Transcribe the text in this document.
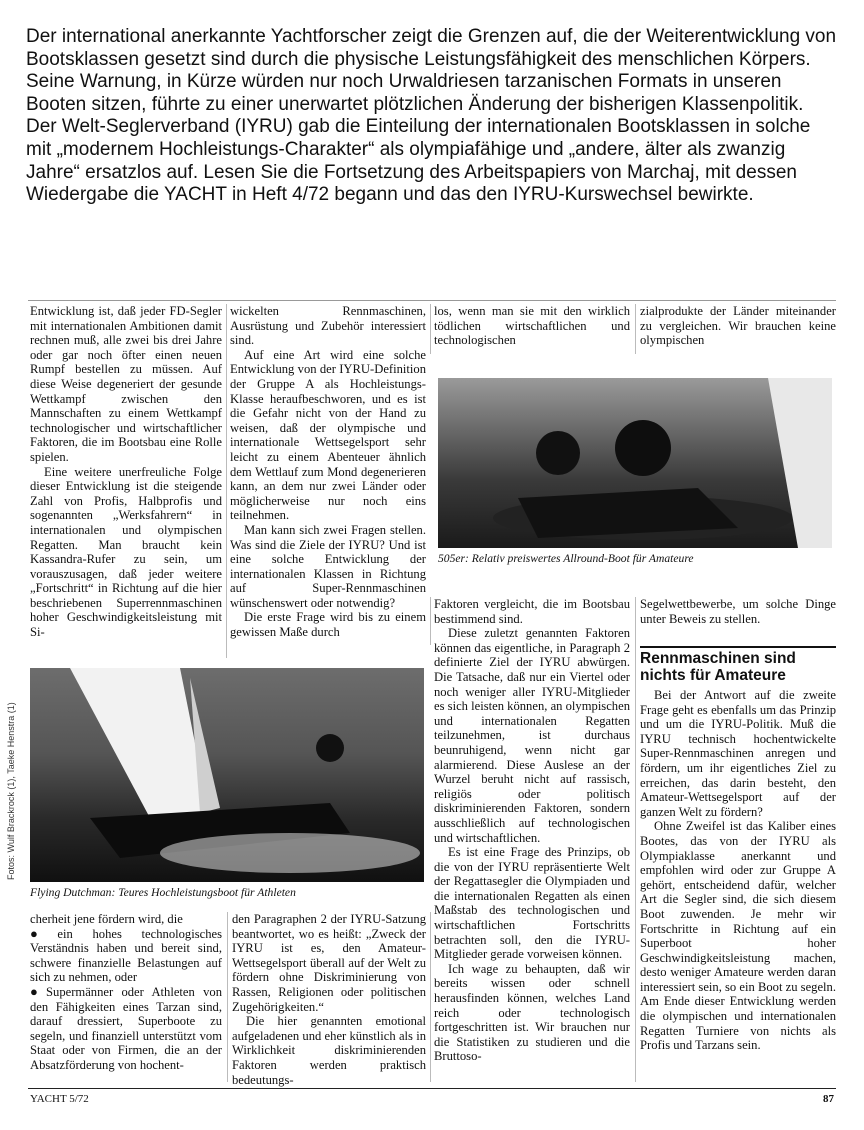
Der international anerkannte Yachtforscher zeigt die Grenzen auf, die der Weiterentwicklung von Bootsklassen gesetzt sind durch die physische Leistungsfähigkeit des menschlichen Körpers. Seine Warnung, in Kürze würden nur noch Urwaldriesen tarzanischen Formats in unseren Booten sitzen, führte zu einer unerwartet plötzlichen Änderung der bisherigen Klassenpolitik. Der Welt-Seglerverband (IYRU) gab die Einteilung der internationalen Bootsklassen in solche mit „modernem Hochleistungs-Charakter“ als olympiafähige und „andere, älter als zwanzig Jahre“ ersatzlos auf. Lesen Sie die Fortsetzung des Arbeitspapiers von Marchaj, mit dessen Wiedergabe die YACHT in Heft 4/72 begann und das den IYRU-Kurswechsel bewirkte.

Entwicklung ist, daß jeder FD-Segler mit internationalen Ambitionen damit rechnen muß, alle zwei bis drei Jahre oder gar noch öfter einen neuen Rumpf bestellen zu müssen. Auf diese Weise degeneriert der gesunde Wettkampf zwischen den Mannschaften zu einem Wettkampf technologischer und wirtschaftlicher Faktoren, die im Bootsbau eine Rolle spielen.

Eine weitere unerfreuliche Folge dieser Entwicklung ist die steigende Zahl von Profis, Halbprofis und sogenannten „Werksfahrern“ in internationalen und olympischen Regatten. Man braucht kein Kassandra-Rufer zu sein, um vorauszusagen, daß jeder weitere „Fortschritt“ in Richtung auf die hier beschriebenen Superrennmaschinen hoher Geschwindigkeitsleistung mit Si-

wickelten Rennmaschinen, Ausrüstung und Zubehör interessiert sind.

Auf eine Art wird eine solche Entwicklung von der IYRU-Definition der Gruppe A als Hochleistungs-Klasse heraufbeschworen, und es ist die Gefahr nicht von der Hand zu weisen, daß der olympische und internationale Wettsegelsport sehr leicht zu einem Abenteuer ähnlich dem Wettlauf zum Mond degenerieren kann, an dem nur zwei Länder oder möglicherweise nur noch eins teilnehmen.

Man kann sich zwei Fragen stellen. Was sind die Ziele der IYRU? Und ist eine solche Entwicklung der internationalen Klassen in Richtung auf Super-Rennmaschinen wünschenswert oder notwendig?

Die erste Frage wird bis zu einem gewissen Maße durch

los, wenn man sie mit den wirklich tödlichen wirtschaftlichen und technologischen

zialprodukte der Länder miteinander zu vergleichen. Wir brauchen keine olympischen

505er: Relativ preiswertes Allround-Boot für Amateure

Faktoren vergleicht, die im Bootsbau bestimmend sind.

Diese zuletzt genannten Faktoren können das eigentliche, in Paragraph 2 definierte Ziel der IYRU abwürgen. Die Tatsache, daß nur ein Viertel oder noch weniger aller IYRU-Mitglieder es sich leisten können, an olympischen und internationalen Regatten teilzunehmen, ist durchaus beunruhigend, wenn nicht gar alarmierend. Diese Auslese an der Wurzel beruht nicht auf rassisch, religiös oder politisch diskriminierenden Faktoren, sondern ausschließlich auf technologischen und wirtschaftlichen.

Es ist eine Frage des Prinzips, ob die von der IYRU repräsentierte Welt der Regattasegler die Olympiaden und die internationalen Regatten als einen Maßstab des technologischen und wirtschaftlichen Fortschritts betrachten soll, den die IYRU-Mitglieder gerade vorweisen können.

Ich wage zu behaupten, daß wir bereits wissen oder schnell herausfinden können, welches Land reich oder technologisch fortgeschritten ist. Wir brauchen nur die Statistiken zu studieren und die Bruttoso-

Segelwettbewerbe, um solche Dinge unter Beweis zu stellen.

Rennmaschinen sind nichts für Amateure

Bei der Antwort auf die zweite Frage geht es ebenfalls um das Prinzip und um die IYRU-Politik. Muß die IYRU technisch hochentwickelte Super-Rennmaschinen anregen und fördern, um ihr eigentliches Ziel zu erreichen, das darin besteht, den Amateur-Wettsegelsport auf der ganzen Welt zu fördern?

Ohne Zweifel ist das Kaliber eines Bootes, das von der IYRU als Olympiaklasse anerkannt und empfohlen wird oder zur Gruppe A gehört, entscheidend dafür, welcher Art die Segler sind, die sich diesem Boot zuwenden. Je mehr wir Fortschritte in Richtung auf ein Superboot hoher Geschwindigkeitsleistung machen, desto weniger Amateure werden daran interessiert sein, so ein Boot zu segeln. Am Ende dieser Entwicklung werden die olympischen und internationalen Regatten Turniere von nichts als Profis und Tarzans sein.

Fotos: Wulf Brackrock (1), Taeke Henstra (1)
Flying Dutchman: Teures Hochleistungsboot für Athleten

cherheit jene fördern wird, die

● ein hohes technologisches Verständnis haben und bereit sind, schwere finanzielle Belastungen auf sich zu nehmen, oder

● Supermänner oder Athleten von den Fähigkeiten eines Tarzan sind, darauf dressiert, Superboote zu segeln, und finanziell unterstützt vom Staat oder von Firmen, die an der Absatzförderung von hochent-

den Paragraphen 2 der IYRU-Satzung beantwortet, wo es heißt: „Zweck der IYRU ist es, den Amateur-Wettsegelsport überall auf der Welt zu fördern ohne Diskriminierung von Rassen, Religionen oder politischen Zugehörigkeiten.“

Die hier genannten emotional aufgeladenen und eher künstlich als in Wirklichkeit diskriminierenden Faktoren werden praktisch bedeutungs-

YACHT 5/72	87
